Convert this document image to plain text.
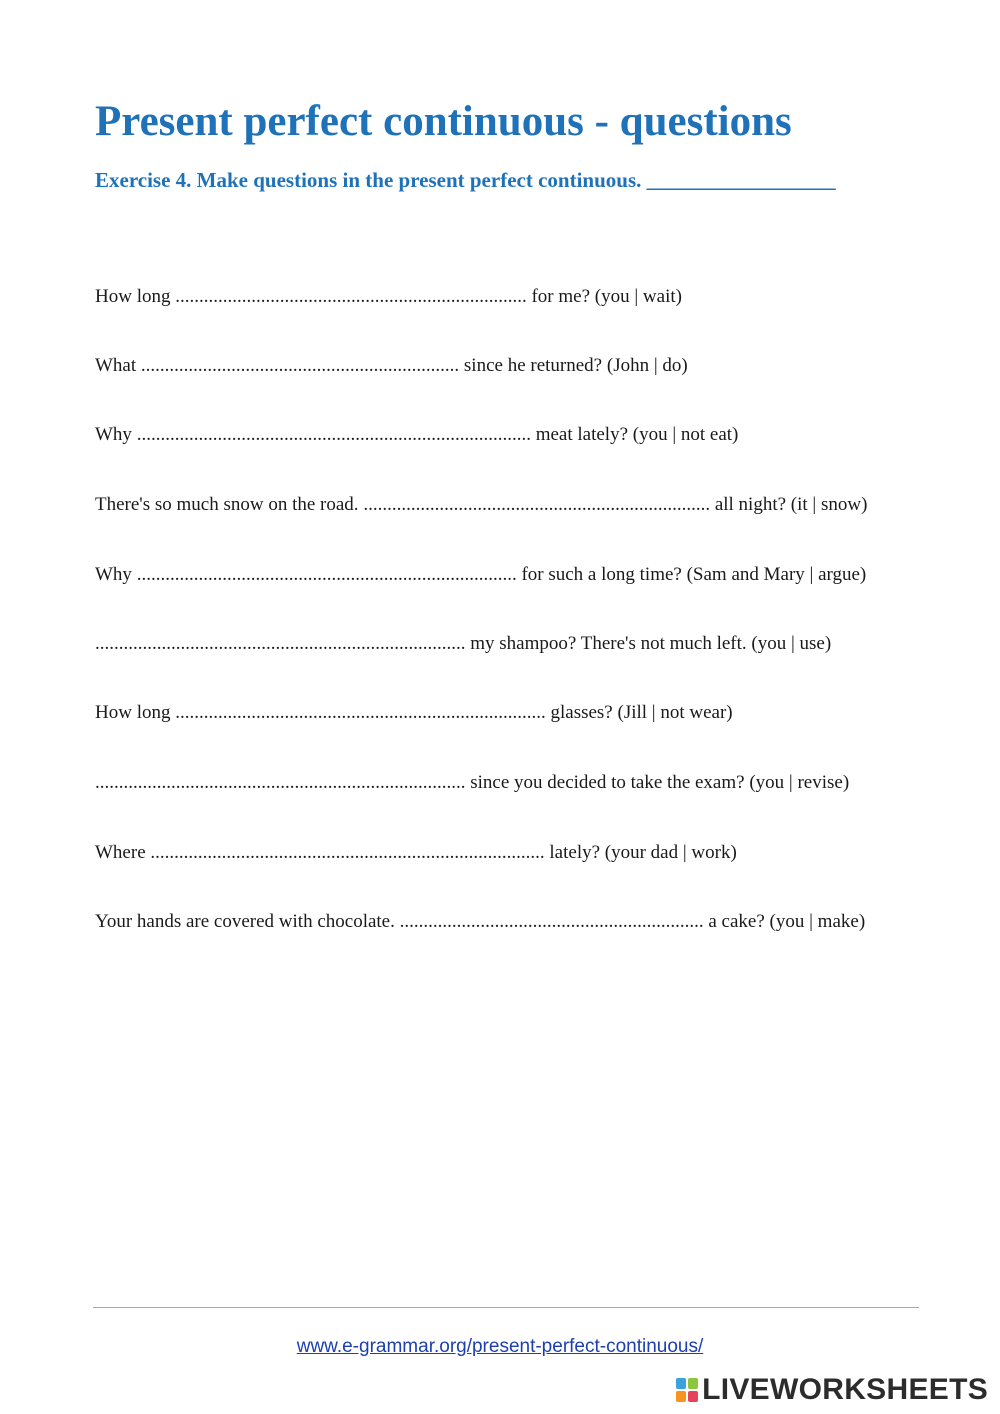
Present perfect continuous - questions
Exercise 4. Make questions in the present perfect continuous. __________________
How long .......................................................................... for me? (you | wait)
What ................................................................... since he returned? (John | do)
Why ................................................................................... meat lately? (you | not eat)
There's so much snow on the road. ......................................................................... all night? (it | snow)
Why ................................................................................ for such a long time? (Sam and Mary | argue)
.............................................................................. my shampoo? There's not much left. (you | use)
How long .............................................................................. glasses? (Jill | not wear)
.............................................................................. since you decided to take the exam? (you | revise)
Where ................................................................................... lately? (your dad | work)
Your hands are covered with chocolate. ................................................................ a cake? (you | make)
www.e-grammar.org/present-perfect-continuous/
LIVEWORKSHEETS
